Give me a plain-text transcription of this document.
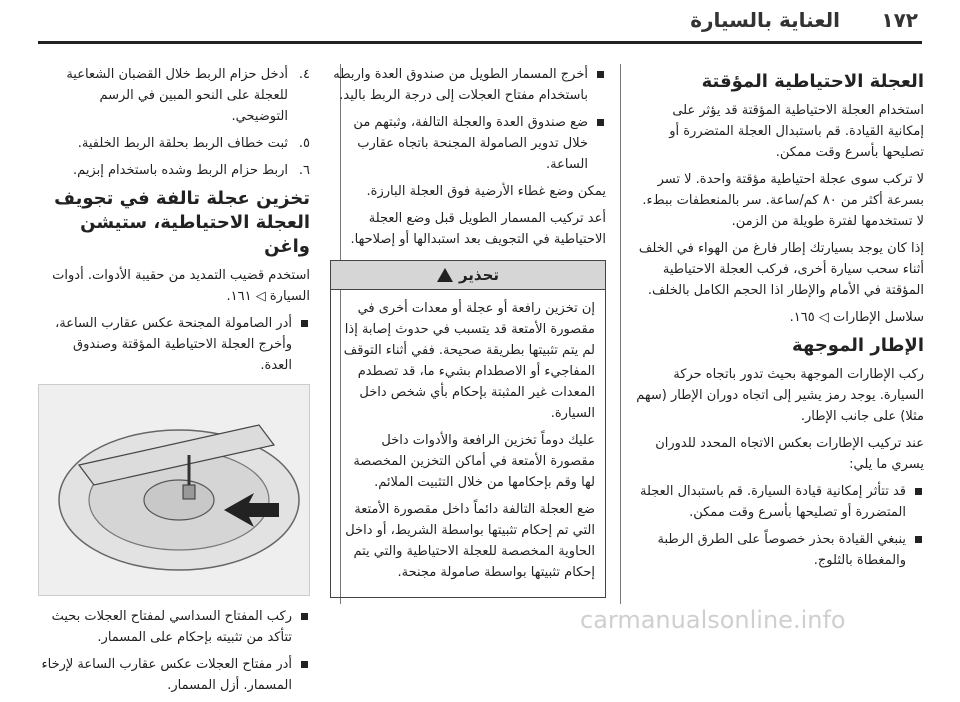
١٧٢
العناية بالسيارة
العجلة الاحتياطية المؤقتة

استخدام العجلة الاحتياطية المؤقتة قد يؤثر على إمكانية القيادة. قم باستبدال العجلة المتضررة أو تصليحها بأسرع وقت ممكن.

لا تركب سوى عجلة احتياطية مؤقتة واحدة. لا تسر بسرعة أكثر من ٨٠ كم/ساعة. سر بالمنعطفات ببطء. لا تستخدمها لفترة طويلة من الزمن.

إذا كان يوجد بسيارتك إطار فارغ من الهواء في الخلف أثناء سحب سيارة أخرى، فركب العجلة الاحتياطية المؤقتة في الأمام والإطار اذا الحجم الكامل بالخلف.

سلاسل الإطارات ◁ ١٦٥.

الإطار الموجهة

ركب الإطارات الموجهة بحيث تدور باتجاه حركة السيارة. يوجد رمز يشير إلى اتجاه دوران الإطار (سهم مثلا) على جانب الإطار.

عند تركيب الإطارات بعكس الاتجاه المحدد للدوران يسري ما يلي:

قد تتأثر إمكانية قيادة السيارة. قم باستبدال العجلة المتضررة أو تصليحها بأسرع وقت ممكن.
ينبغي القيادة بحذر خصوصاً على الطرق الرطبة والمغطاة بالثلوج.
أخرج المسمار الطويل من صندوق العدة واربطه باستخدام مفتاح العجلات إلى درجة الربط باليد.
ضع صندوق العدة والعجلة التالفة، وثبتهم من خلال تدوير الصامولة المجنحة باتجاه عقارب الساعة.

يمكن وضع غطاء الأرضية فوق العجلة البارزة.

أعد تركيب المسمار الطويل قبل وضع العجلة الاحتياطية في التجويف بعد استبدالها أو إصلاحها.

تحذير

إن تخزين رافعة أو عجلة أو معدات أخرى في مقصورة الأمتعة قد يتسبب في حدوث إصابة إذا لم يتم تثبيتها بطريقة صحيحة. ففي أثناء التوقف المفاجيء أو الاصطدام بشيء ما، قد تصطدم المعدات غير المثبتة بإحكام بأي شخص داخل السيارة.

عليك دوماً تخزين الرافعة والأدوات داخل مقصورة الأمتعة في أماكن التخزين المخصصة لها وقم بإحكامها من خلال التثبيت الملائم.

ضع العجلة التالفة دائماً داخل مقصورة الأمتعة التي تم إحكام تثبيتها بواسطة الشريط، أو داخل الحاوية المخصصة للعجلة الاحتياطية والتي يتم إحكام تثبيتها بواسطة صامولة مجنحة.

٤.
أدخل حزام الربط خلال القضبان الشعاعية للعجلة على النحو المبين في الرسم التوضيحي.
٥.
ثبت خطاف الربط بحلقة الربط الخلفية.
٦.
اربط حزام الربط وشده باستخدام إبزيم.
تخزين عجلة تالفة في تجويف العجلة الاحتياطية، ستيشن واغن

استخدم قضيب التمديد من حقيبة الأدوات. أدوات السيارة ◁ ١٦١.

أدر الصامولة المجنحة عكس عقارب الساعة، وأخرج العجلة الاحتياطية المؤقتة وصندوق العدة.
ركب المفتاح السداسي لمفتاح العجلات بحيث تتأكد من تثبيته بإحكام على المسمار.
أدر مفتاح العجلات عكس عقارب الساعة لإرخاء المسمار. أزل المسمار.
carmanualsonline.info
